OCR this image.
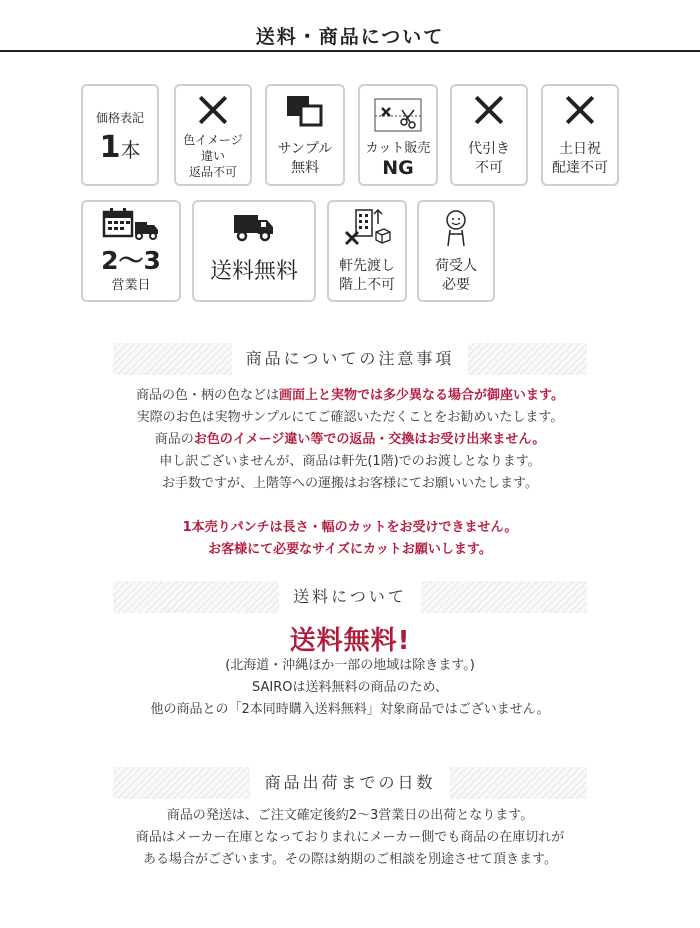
送料・商品について
価格表記
1本	色イメージ
違い
返品不可
サンプル
無料
カット販売
NG
代引き
不可
土日祝
配達不可
2〜3
営業日
送料無料	軒先渡し
階上不可
荷受人
必要
商品についての注意事項
商品の色・柄の色などは画面上と実物では多少異なる場合が御座います。
実際のお色は実物サンプルにてご確認いただくことをお勧めいたします。
商品のお色のイメージ違い等での返品・交換はお受け出来ません。
申し訳ございませんが、商品は軒先(1階)でのお渡しとなります。
お手数ですが、上階等への運搬はお客様にてお願いいたします。
1本売りパンチは長さ・幅のカットをお受けできません。
お客様にて必要なサイズにカットお願いします。
送料について
送料無料!
(北海道・沖縄ほか一部の地域は除きます。)
SAIROは送料無料の商品のため、
他の商品との「2本同時購入送料無料」対象商品ではございません。
商品出荷までの日数
商品の発送は、ご注文確定後約2〜3営業日の出荷となります。
商品はメーカー在庫となっておりまれにメーカー側でも商品の在庫切れが
ある場合がございます。その際は納期のご相談を別途させて頂きます。
